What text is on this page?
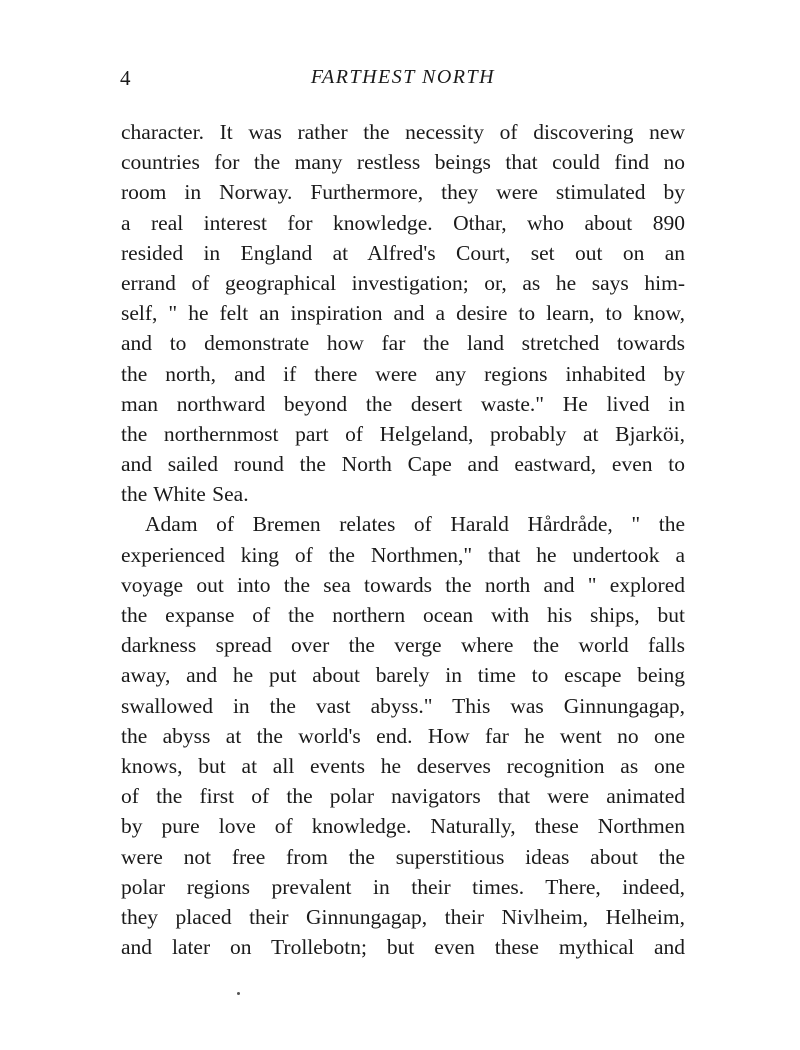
4	FARTHEST NORTH
character. It was rather the necessity of discovering new
countries for the many restless beings that could find no
room in Norway. Furthermore, they were stimulated by
a real interest for knowledge. Othar, who about 890
resided in England at Alfred's Court, set out on an
errand of geographical investigation; or, as he says him-
self, " he felt an inspiration and a desire to learn, to know,
and to demonstrate how far the land stretched towards
the north, and if there were any regions inhabited by
man northward beyond the desert waste." He lived in
the northernmost part of Helgeland, probably at Bjarköi,
and sailed round the North Cape and eastward, even to
the White Sea.
Adam of Bremen relates of Harald Hårdråde, " the
experienced king of the Northmen," that he undertook a
voyage out into the sea towards the north and " explored
the expanse of the northern ocean with his ships, but
darkness spread over the verge where the world falls
away, and he put about barely in time to escape being
swallowed in the vast abyss." This was Ginnungagap,
the abyss at the world's end. How far he went no one
knows, but at all events he deserves recognition as one
of the first of the polar navigators that were animated
by pure love of knowledge. Naturally, these Northmen
were not free from the superstitious ideas about the
polar regions prevalent in their times. There, indeed,
they placed their Ginnungagap, their Nivlheim, Helheim,
and later on Trollebotn; but even these mythical and
